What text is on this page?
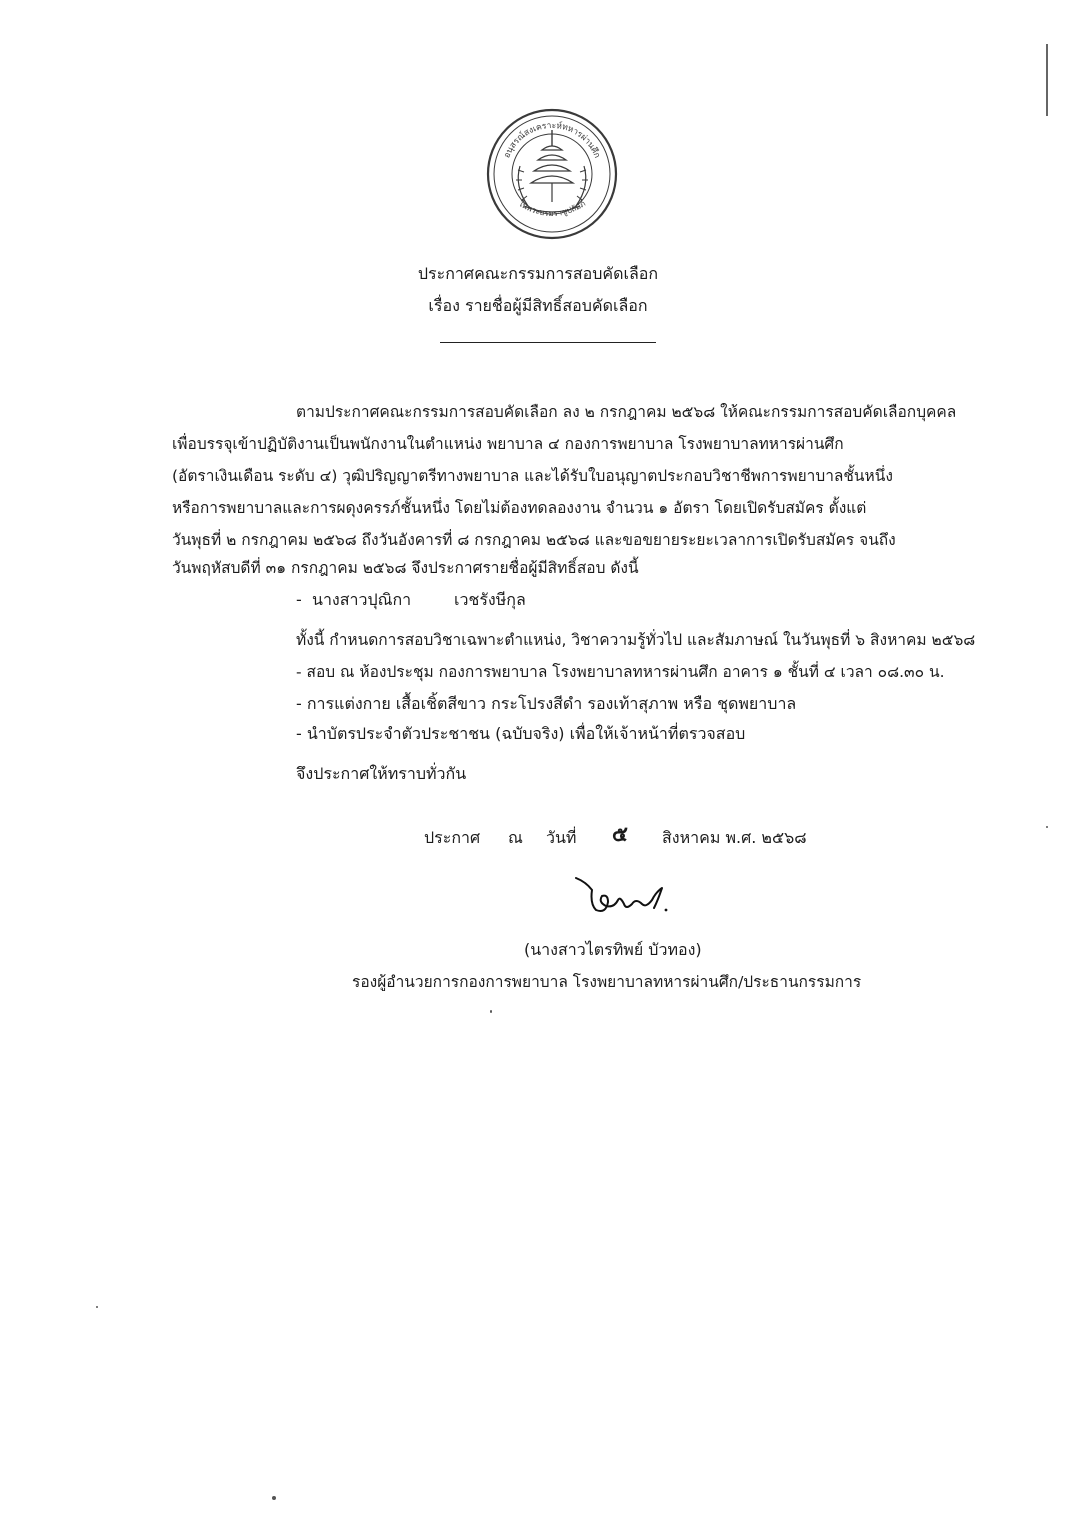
อนุสรณ์สงเคราะห์ทหารผ่านศึก
ในพระบรมราชูปถัมภ์
ประกาศคณะกรรมการสอบคัดเลือก
เรื่อง รายชื่อผู้มีสิทธิ์สอบคัดเลือก
ตามประกาศคณะกรรมการสอบคัดเลือก ลง ๒ กรกฎาคม ๒๕๖๘ ให้คณะกรรมการสอบคัดเลือกบุคคล
เพื่อบรรจุเข้าปฏิบัติงานเป็นพนักงานในตำแหน่ง พยาบาล ๔ กองการพยาบาล โรงพยาบาลทหารผ่านศึก
(อัตราเงินเดือน ระดับ ๔) วุฒิปริญญาตรีทางพยาบาล และได้รับใบอนุญาตประกอบวิชาชีพการพยาบาลชั้นหนึ่ง
หรือการพยาบาลและการผดุงครรภ์ชั้นหนึ่ง โดยไม่ต้องทดลองงาน จำนวน ๑ อัตรา โดยเปิดรับสมัคร ตั้งแต่
วันพุธที่ ๒ กรกฎาคม ๒๕๖๘ ถึงวันอังคารที่ ๘ กรกฎาคม ๒๕๖๘ และขอขยายระยะเวลาการเปิดรับสมัคร จนถึง
วันพฤหัสบดีที่ ๓๑ กรกฎาคม ๒๕๖๘ จึงประกาศรายชื่อผู้มีสิทธิ์สอบ ดังนี้
- นางสาวปุณิกา	เวชรังษีกุล
ทั้งนี้ กำหนดการสอบวิชาเฉพาะตำแหน่ง, วิชาความรู้ทั่วไป และสัมภาษณ์ ในวันพุธที่ ๖ สิงหาคม ๒๕๖๘
- สอบ ณ ห้องประชุม กองการพยาบาล โรงพยาบาลทหารผ่านศึก อาคาร ๑ ชั้นที่ ๔ เวลา ๐๘.๓๐ น.
- การแต่งกาย เสื้อเชิ้ตสีขาว กระโปรงสีดำ รองเท้าสุภาพ หรือ ชุดพยาบาล
- นำบัตรประจำตัวประชาชน (ฉบับจริง) เพื่อให้เจ้าหน้าที่ตรวจสอบ
จึงประกาศให้ทราบทั่วกัน
ประกาศ ณ วันที่ ๕ สิงหาคม พ.ศ. ๒๕๖๘
(นางสาวไตรทิพย์ บัวทอง)
รองผู้อำนวยการกองการพยาบาล โรงพยาบาลทหารผ่านศึก/ประธานกรรมการ
